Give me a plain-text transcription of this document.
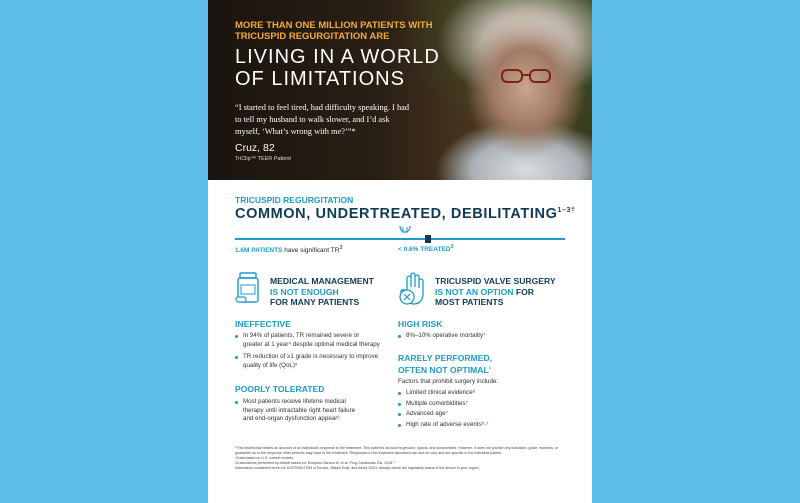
MORE THAN ONE MILLION PATIENTS WITH TRICUSPID REGURGITATION ARE
LIVING IN A WORLD OF LIMITATIONS
“I started to feel tired, had difficulty speaking. I had to tell my husband to walk slower, and I’d ask myself, ‘What’s wrong with me?’”*
Cruz, 82
TriClip™ TEER Patient
TRICUSPID REGURGITATION
COMMON, UNDERTREATED, $DEBILITATING^{1-3\dagger}$
1.6M PATIENTS have significant $TR^3$	< 0.6% TREATED$^3$
MEDICAL MANAGEMENT
IS NOT ENOUGH
FOR MANY PATIENTS
INEFFECTIVE
In 94% of patients, TR remained severe or greater at 1 year⁴ despite optimal medical therapy
TR reduction of ≥1 grade is necessary to improve quality of life (QoL)⁵
POORLY TOLERATED
Most patients receive lifetime medical therapy until intractable right heart failure and end-organ dysfunction appear⁶
TRICUSPID VALVE SURGERY
IS NOT AN OPTION FOR
MOST PATIENTS
HIGH RISK
8%–10% operative mortality⁷
RARELY PERFORMED,
OFTEN NOT OPTIMAL$^1$
Factors that prohibit surgery include:
Limited clinical evidence⁶
Multiple comorbidities⁷
Advanced age⁷
High rate of adverse events⁶·⁷
*This testimonial relates an account of an individual’s response to the treatment. This patient’s account is genuine, typical, and documented. However, it does not provide any indication, guide, warranty, or guarantee as to the response other persons may have to the treatment. Responses to the treatment discussed can and do vary and are specific to the individual patient.
†Data based on U.S. market models.
‡Calculations performed by Abbott based on: Enriquez-Sarano M, et al. Prog Cardiovasc Dis. 2018.³
Information contained herein for DISTRIBUTION in Europe, Middle East, and Africa ONLY. Always check the regulatory status of the device in your region.
